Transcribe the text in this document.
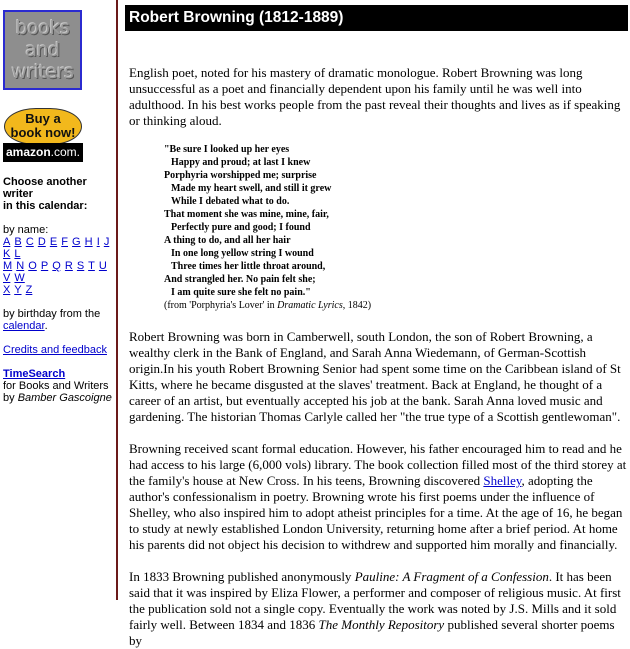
books
and
writers
Buy a
book now!
amazon.com.
Choose another writer
in this calendar:
by name:
A B C D E F G H I J K L
M N O P Q R S T U V W
X Y Z
by birthday from the
calendar.
Credits and feedback
TimeSearch
for Books and Writers
by Bamber Gascoigne
Robert Browning (1812-1889)

English poet, noted for his mastery of dramatic monologue. Robert Browning was long unsuccessful as a poet and financially dependent upon his family until he was well into adulthood. In his best works people from the past reveal their thoughts and lives as if speaking or thinking aloud.

"Be sure I looked up her eyes
Happy and proud; at last I knew
Porphyria worshipped me; surprise
Made my heart swell, and still it grew
While I debated what to do.
That moment she was mine, mine, fair,
Perfectly pure and good; I found
A thing to do, and all her hair
In one long yellow string I wound
Three times her little throat around,
And strangled her. No pain felt she;
I am quite sure she felt no pain."
(from 'Porphyria's Lover' in Dramatic Lyrics, 1842)

Robert Browning was born in Camberwell, south London, the son of Robert Browning, a wealthy clerk in the Bank of England, and Sarah Anna Wiedemann, of German-Scottish origin.In his youth Robert Browning Senior had spent some time on the Caribbean island of St Kitts, where he became disgusted at the slaves' treatment. Back at England, he thought of a career of an artist, but eventually accepted his job at the bank. Sarah Anna loved music and gardening. The historian Thomas Carlyle called her "the true type of a Scottish gentlewoman".

Browning received scant formal education. However, his father encouraged him to read and he had access to his large (6,000 vols) library. The book collection filled most of the third storey at the family's house at New Cross. In his teens, Browning discovered Shelley, adopting the author's confessionalism in poetry. Browning wrote his first poems under the influence of Shelley, who also inspired him to adopt atheist principles for a time. At the age of 16, he began to study at newly established London University, returning home after a brief period. At home his parents did not object his decision to withdrew and supported him morally and financially.

In 1833 Browning published anonymously Pauline: A Fragment of a Confession. It has been said that it was inspired by Eliza Flower, a performer and composer of religious music. At first the publication sold not a single copy. Eventually the work was noted by J.S. Mills and it sold fairly well. Between 1834 and 1836 The Monthly Repository published several shorter poems by
